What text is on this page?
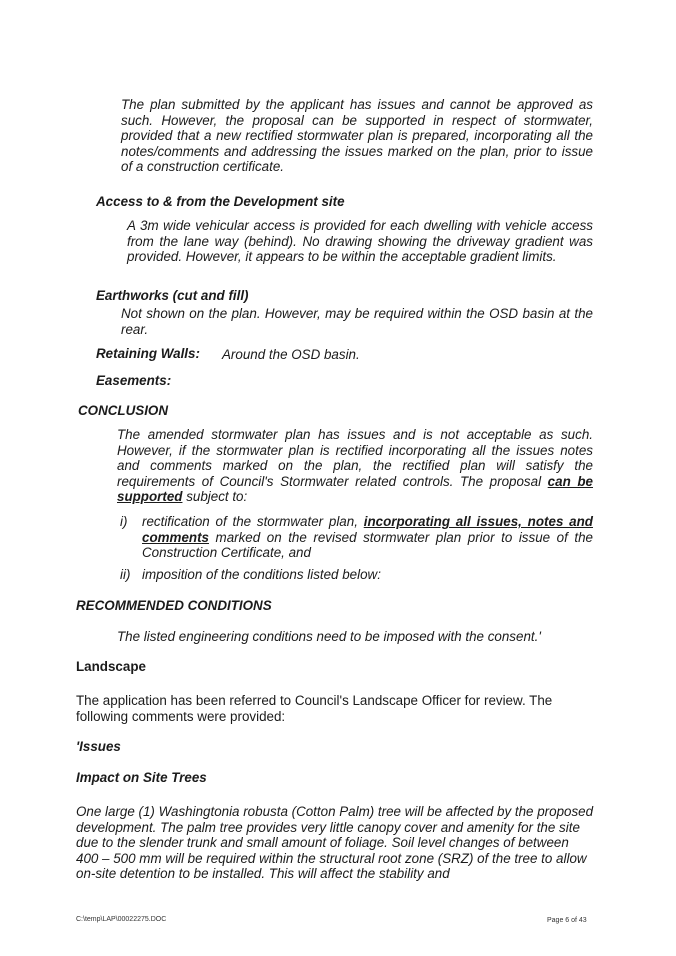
The plan submitted by the applicant has issues and cannot be approved as such. However, the proposal can be supported in respect of stormwater, provided that a new rectified stormwater plan is prepared, incorporating all the notes/comments and addressing the issues marked on the plan, prior to issue of a construction certificate.
Access to & from the Development site
A 3m wide vehicular access is provided for each dwelling with vehicle access from the lane way (behind). No drawing showing the driveway gradient was provided. However, it appears to be within the acceptable gradient limits.
Earthworks (cut and fill)
Not shown on the plan. However, may be required within the OSD basin at the rear.
Retaining Walls: Around the OSD basin.
Easements:
CONCLUSION
The amended stormwater plan has issues and is not acceptable as such. However, if the stormwater plan is rectified incorporating all the issues notes and comments marked on the plan, the rectified plan will satisfy the requirements of Council's Stormwater related controls. The proposal can be supported subject to:
i) rectification of the stormwater plan, incorporating all issues, notes and comments marked on the revised stormwater plan prior to issue of the Construction Certificate, and
ii) imposition of the conditions listed below:
RECOMMENDED CONDITIONS
The listed engineering conditions need to be imposed with the consent.'
Landscape
The application has been referred to Council's Landscape Officer for review. The following comments were provided:
'Issues
Impact on Site Trees
One large (1) Washingtonia robusta (Cotton Palm) tree will be affected by the proposed development. The palm tree provides very little canopy cover and amenity for the site due to the slender trunk and small amount of foliage. Soil level changes of between 400 – 500 mm will be required within the structural root zone (SRZ) of the tree to allow on-site detention to be installed. This will affect the stability and
C:\temp\LAP\00022275.DOC	Page 6 of 43
